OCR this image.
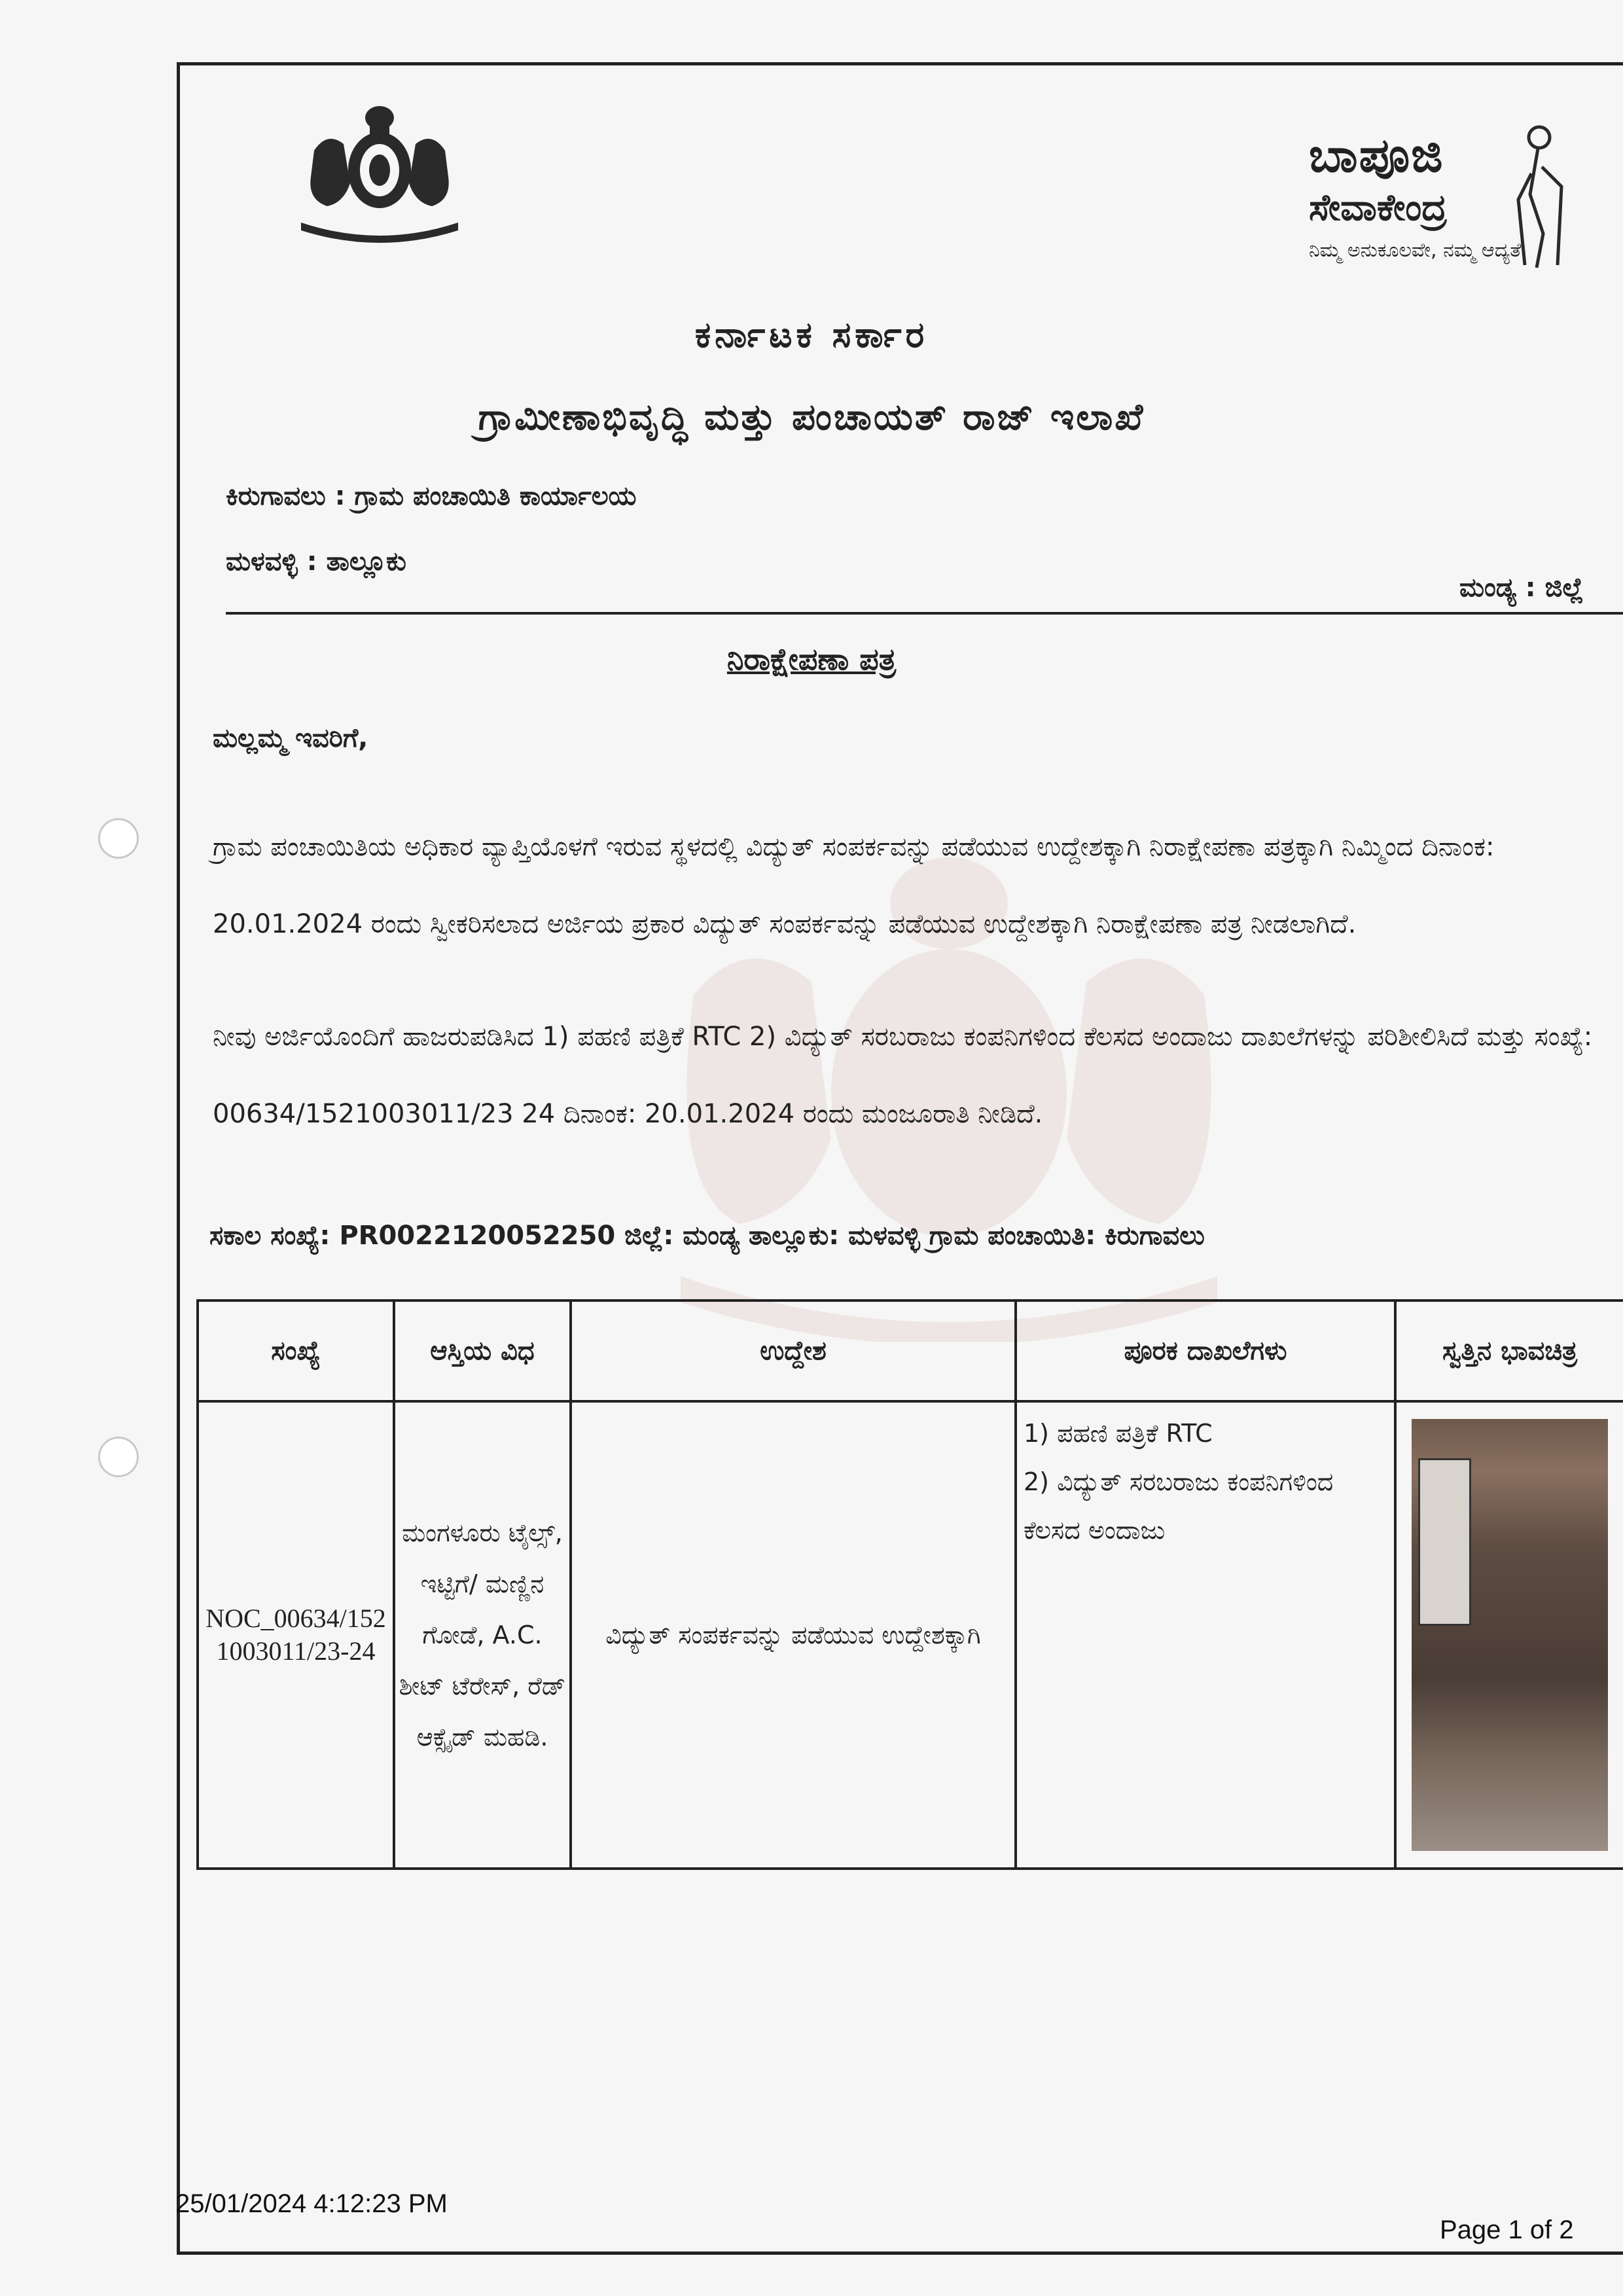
ಬಾಪೂಜಿ
ಸೇವಾಕೇಂದ್ರ
ನಿಮ್ಮ ಅನುಕೂಲವೇ, ನಮ್ಮ ಆದ್ಯತೆ.
ಕರ್ನಾಟಕ ಸರ್ಕಾರ
ಗ್ರಾಮೀಣಾಭಿವೃದ್ಧಿ ಮತ್ತು ಪಂಚಾಯತ್ ರಾಜ್ ಇಲಾಖೆ
ಕಿರುಗಾವಲು : ಗ್ರಾಮ ಪಂಚಾಯಿತಿ ಕಾರ್ಯಾಲಯ
ಮಳವಳ್ಳಿ : ತಾಲ್ಲೂಕು
ಮಂಡ್ಯ : ಜಿಲ್ಲೆ
ನಿರಾಕ್ಷೇಪಣಾ ಪತ್ರ
ಮಲ್ಲಮ್ಮ ಇವರಿಗೆ,
ಗ್ರಾಮ ಪಂಚಾಯಿತಿಯ ಅಧಿಕಾರ ವ್ಯಾಪ್ತಿಯೊಳಗೆ ಇರುವ ಸ್ಥಳದಲ್ಲಿ ವಿದ್ಯುತ್ ಸಂಪರ್ಕವನ್ನು ಪಡೆಯುವ ಉದ್ದೇಶಕ್ಕಾಗಿ ನಿರಾಕ್ಷೇಪಣಾ ಪತ್ರಕ್ಕಾಗಿ ನಿಮ್ಮಿಂದ ದಿನಾಂಕ: 20.01.2024 ರಂದು ಸ್ವೀಕರಿಸಲಾದ ಅರ್ಜಿಯ ಪ್ರಕಾರ ವಿದ್ಯುತ್ ಸಂಪರ್ಕವನ್ನು ಪಡೆಯುವ ಉದ್ದೇಶಕ್ಕಾಗಿ ನಿರಾಕ್ಷೇಪಣಾ ಪತ್ರ ನೀಡಲಾಗಿದೆ.
ನೀವು ಅರ್ಜಿಯೊಂದಿಗೆ ಹಾಜರುಪಡಿಸಿದ 1) ಪಹಣಿ ಪತ್ರಿಕೆ RTC 2) ವಿದ್ಯುತ್ ಸರಬರಾಜು ಕಂಪನಿಗಳಿಂದ ಕೆಲಸದ ಅಂದಾಜು ದಾಖಲೆಗಳನ್ನು ಪರಿಶೀಲಿಸಿದೆ ಮತ್ತು ಸಂಖ್ಯೆ: 00634/1521003011/23 24 ದಿನಾಂಕ: 20.01.2024 ರಂದು ಮಂಜೂರಾತಿ ನೀಡಿದೆ.
ಸಕಾಲ ಸಂಖ್ಯೆ: PR0022120052250 ಜಿಲ್ಲೆ: ಮಂಡ್ಯ ತಾಲ್ಲೂಕು: ಮಳವಳ್ಳಿ ಗ್ರಾಮ ಪಂಚಾಯಿತಿ: ಕಿರುಗಾವಲು
ಸಂಖ್ಯೆ	ಆಸ್ತಿಯ ವಿಧ	ಉದ್ದೇಶ	ಪೂರಕ ದಾಖಲೆಗಳು	ಸ್ವತ್ತಿನ ಭಾವಚಿತ್ರ
NOC_00634/1521003011/23-24	ಮಂಗಳೂರು ಟೈಲ್ಸ್, ಇಟ್ಟಿಗೆ/ ಮಣ್ಣಿನ ಗೋಡೆ, A.C. ಶೀಟ್ ಟೆರೇಸ್, ರೆಡ್ ಆಕ್ಸೈಡ್ ಮಹಡಿ.	ವಿದ್ಯುತ್ ಸಂಪರ್ಕವನ್ನು ಪಡೆಯುವ ಉದ್ದೇಶಕ್ಕಾಗಿ	1) ಪಹಣಿ ಪತ್ರಿಕೆ RTC
2) ವಿದ್ಯುತ್ ಸರಬರಾಜು ಕಂಪನಿಗಳಿಂದ ಕೆಲಸದ ಅಂದಾಜು	

25/01/2024 4:12:23 PM
Page 1 of 2
